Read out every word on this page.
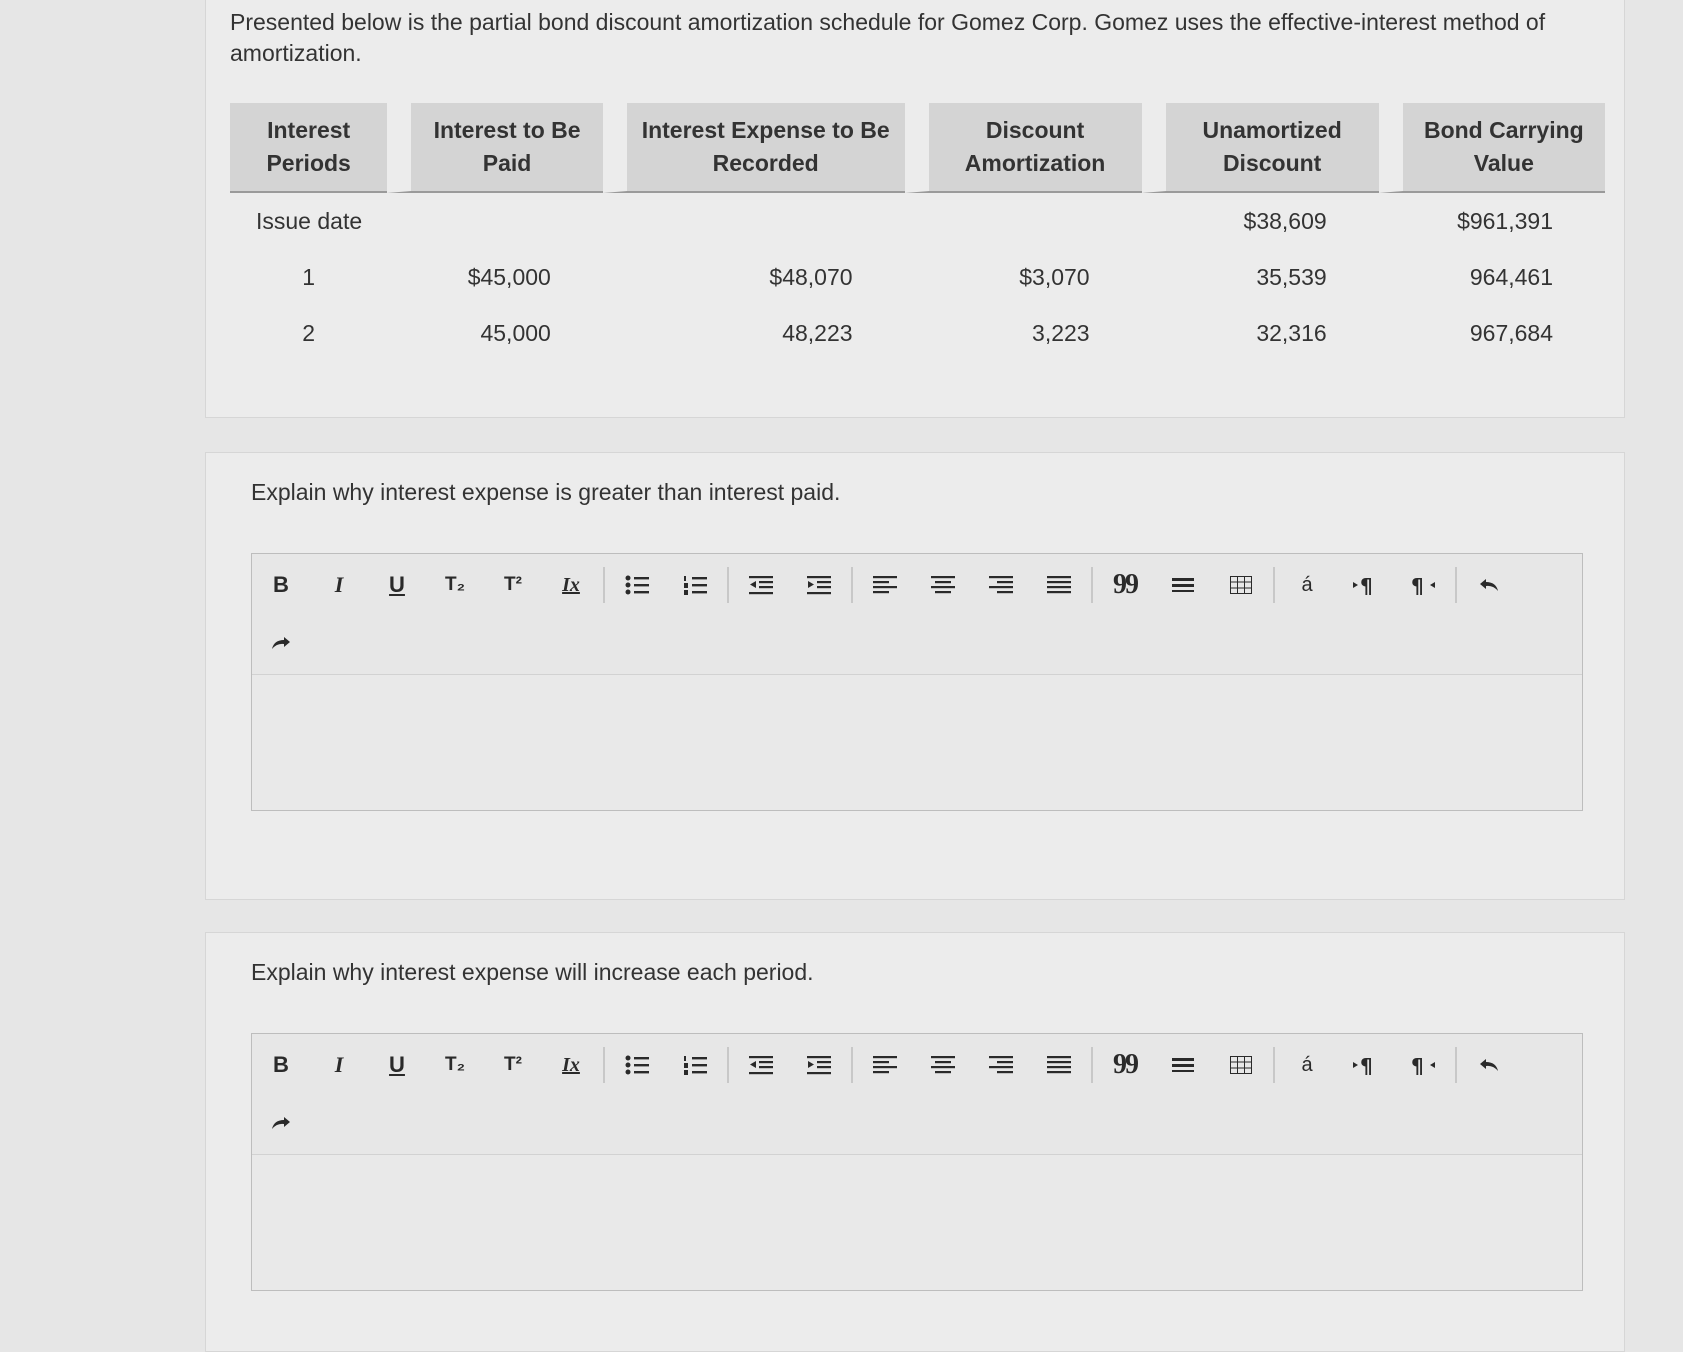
Presented below is the partial bond discount amortization schedule for Gomez Corp. Gomez uses the effective-interest method of amortization.
Interest Periods	Interest to Be Paid	Interest Expense to Be Recorded	Discount Amortization	Unamortized Discount	Bond Carrying Value
Issue date				$38,609	$961,391
1	$45,000	$48,070	$3,070	35,539	964,461
2	45,000	48,223	3,223	32,316	967,684
Explain why interest expense is greater than interest paid.
B	I	U	T₂	T²	Ix	99	á	¶ ¶
Explain why interest expense will increase each period.
B	I	U	T₂	T²	Ix	99	á	¶ ¶
